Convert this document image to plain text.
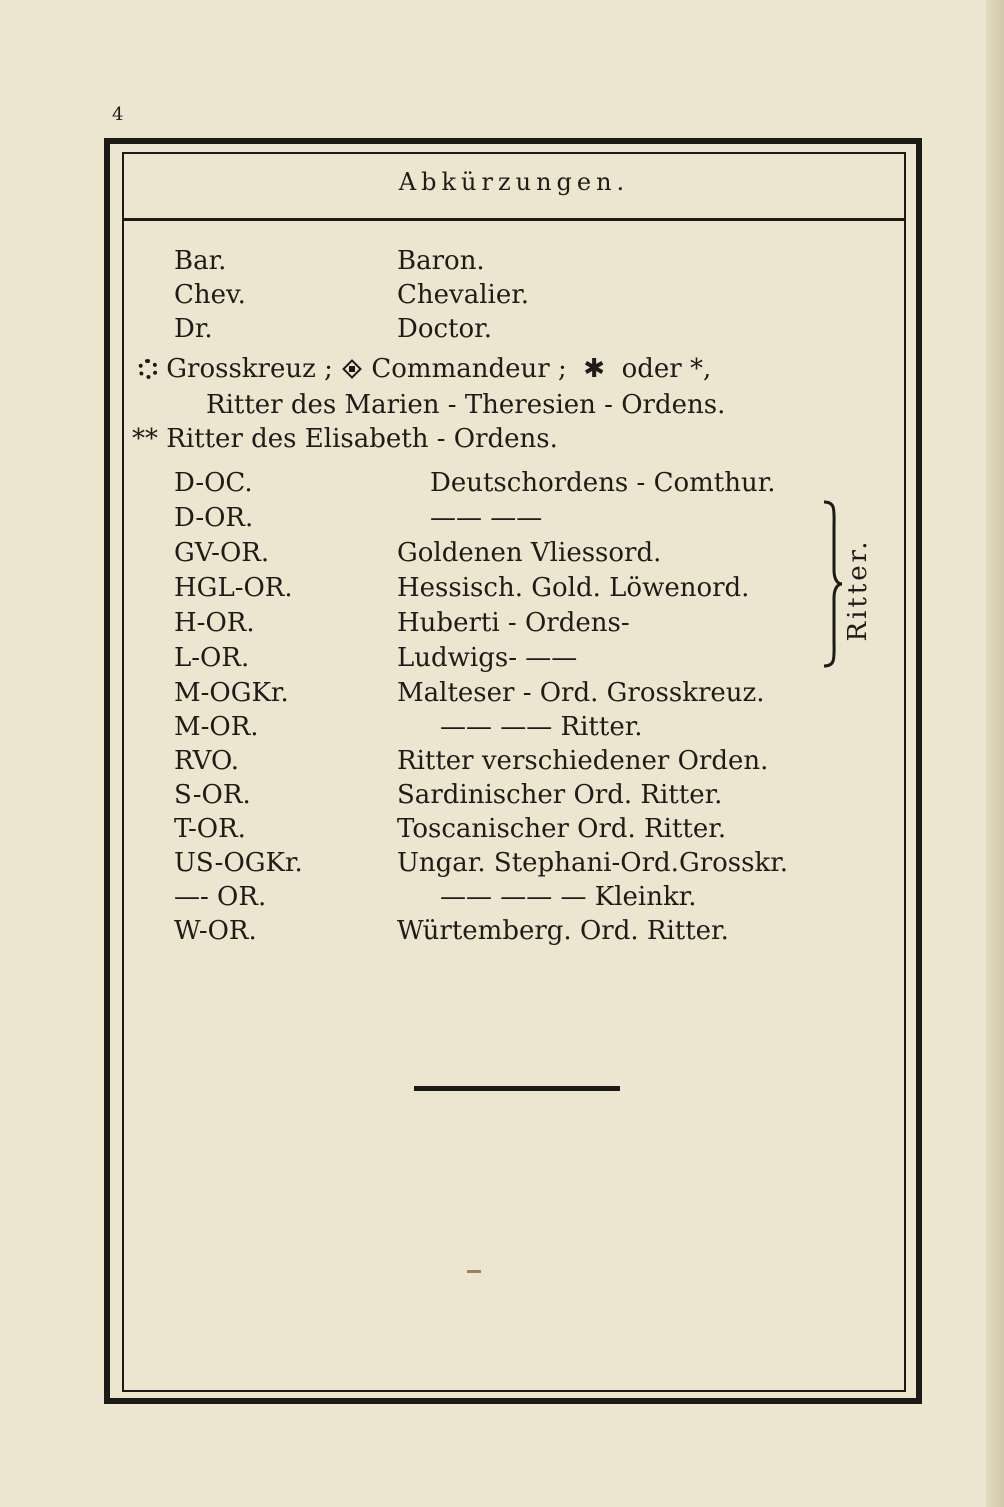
4
Abkürzungen.
Bar.	Baron.
Chev.	Chevalier.
Dr.	Doctor.
Grosskreuz ; Commandeur ; ✱ oder *,
Ritter des Marien - Theresien - Ordens.
** Ritter des Elisabeth - Ordens.
D-OC.	Deutschordens - Comthur.
D-OR.	—— ——
GV-OR.	Goldenen Vliessord.
HGL-OR.	Hessisch. Gold. Löwenord.
H-OR.	Huberti - Ordens-
L-OR.	Ludwigs- ——
M-OGKr.	Malteser - Ord. Grosskreuz.
M-OR.	—— —— Ritter.
RVO.	Ritter verschiedener Orden.
S-OR.	Sardinischer Ord. Ritter.
T-OR.	Toscanischer Ord. Ritter.
US-OGKr.	Ungar. Stephani-Ord.Grosskr.
—- OR.	—— —— — Kleinkr.
W-OR.	Würtemberg. Ord. Ritter.
Ritter.
